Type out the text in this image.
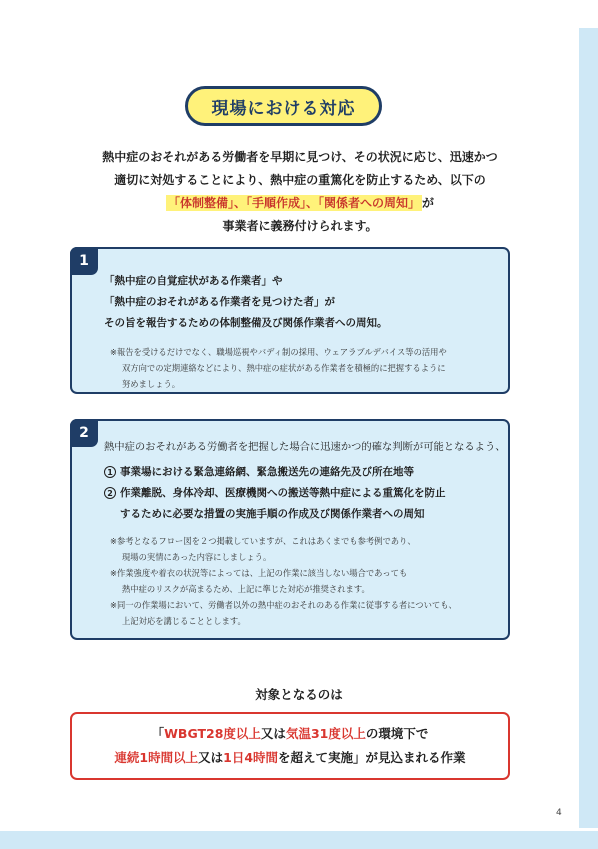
現場における対応
熱中症のおそれがある労働者を早期に見つけ、その状況に応じ、迅速かつ
適切に対処することにより、熱中症の重篤化を防止するため、以下の
「体制整備」、「手順作成」、「関係者への周知」 が
事業者に義務付けられます。
1
「熱中症の自覚症状がある作業者」や
「熱中症のおそれがある作業者を見つけた者」が
その旨を報告するための体制整備及び関係作業者への周知。
※報告を受けるだけでなく、職場巡視やバディ制の採用、ウェアラブルデバイス等の活用や
双方向での定期連絡などにより、熱中症の症状がある作業者を積極的に把握するように
努めましょう。
2
熱中症のおそれがある労働者を把握した場合に迅速かつ的確な判断が可能となるよう、
1 事業場における緊急連絡網、緊急搬送先の連絡先及び所在地等
2 作業離脱、身体冷却、医療機関への搬送等熱中症による重篤化を防止
するために必要な措置の実施手順の作成及び関係作業者への周知
※参考となるフロー図を２つ掲載していますが、これはあくまでも参考例であり、
現場の実情にあった内容にしましょう。
※作業強度や着衣の状況等によっては、上記の作業に該当しない場合であっても
熱中症のリスクが高まるため、上記に準じた対応が推奨されます。
※同一の作業場において、労働者以外の熱中症のおそれのある作業に従事する者についても、
上記対応を講じることとします。
対象となるのは
「WBGT28度以上又は気温31度以上の環境下で
連続1時間以上又は1日4時間を超えて実施」が見込まれる作業
4
